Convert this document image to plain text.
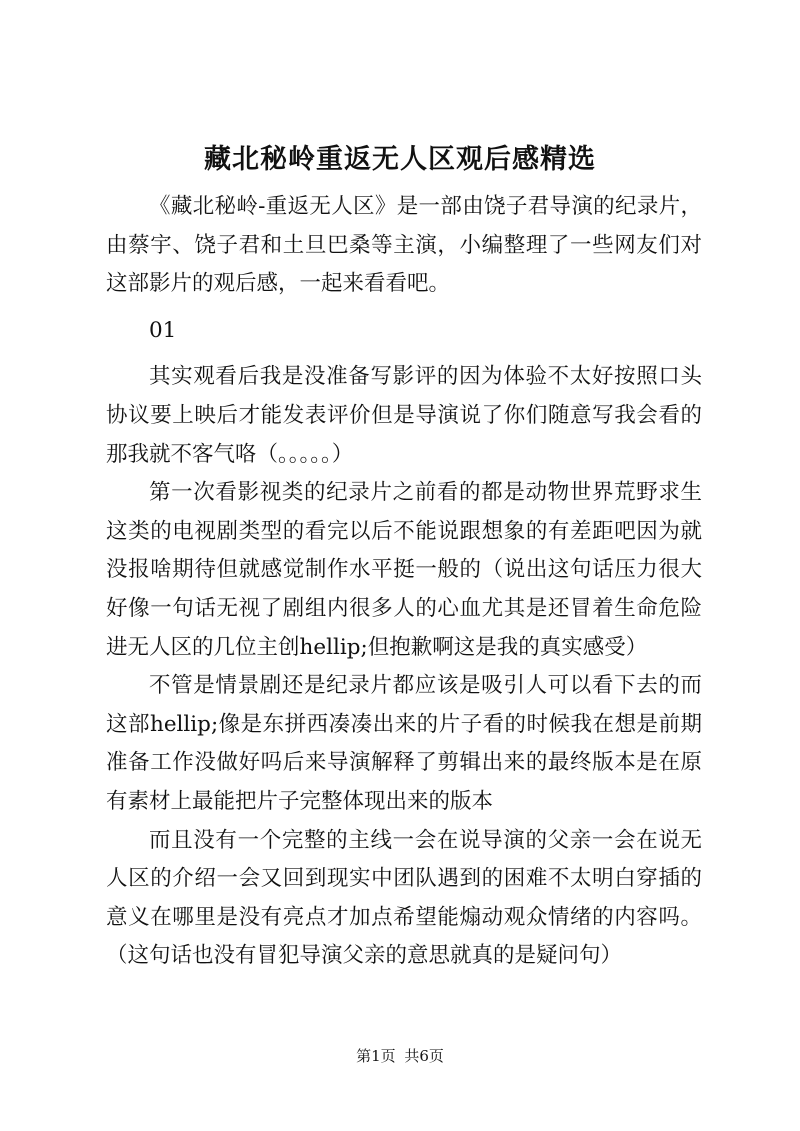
藏北秘岭重返无人区观后感精选

《藏北秘岭-重返无人区》是一部由饶子君导演的纪录片，由蔡宇、饶子君和土旦巴桑等主演，小编整理了一些网友们对这部影片的观后感，一起来看看吧。

01

其实观看后我是没准备写影评的因为体验不太好按照口头协议要上映后才能发表评价但是导演说了你们随意写我会看的那我就不客气咯（。。。。。）

第一次看影视类的纪录片之前看的都是动物世界荒野求生这类的电视剧类型的看完以后不能说跟想象的有差距吧因为就没报啥期待但就感觉制作水平挺一般的（说出这句话压力很大好像一句话无视了剧组内很多人的心血尤其是还冒着生命危险进无人区的几位主创hellip;但抱歉啊这是我的真实感受）

不管是情景剧还是纪录片都应该是吸引人可以看下去的而这部hellip;像是东拼西凑凑出来的片子看的时候我在想是前期准备工作没做好吗后来导演解释了剪辑出来的最终版本是在原有素材上最能把片子完整体现出来的版本

而且没有一个完整的主线一会在说导演的父亲一会在说无人区的介绍一会又回到现实中团队遇到的困难不太明白穿插的意义在哪里是没有亮点才加点希望能煽动观众情绪的内容吗。（这句话也没有冒犯导演父亲的意思就真的是疑问句）

第1页 共6页
